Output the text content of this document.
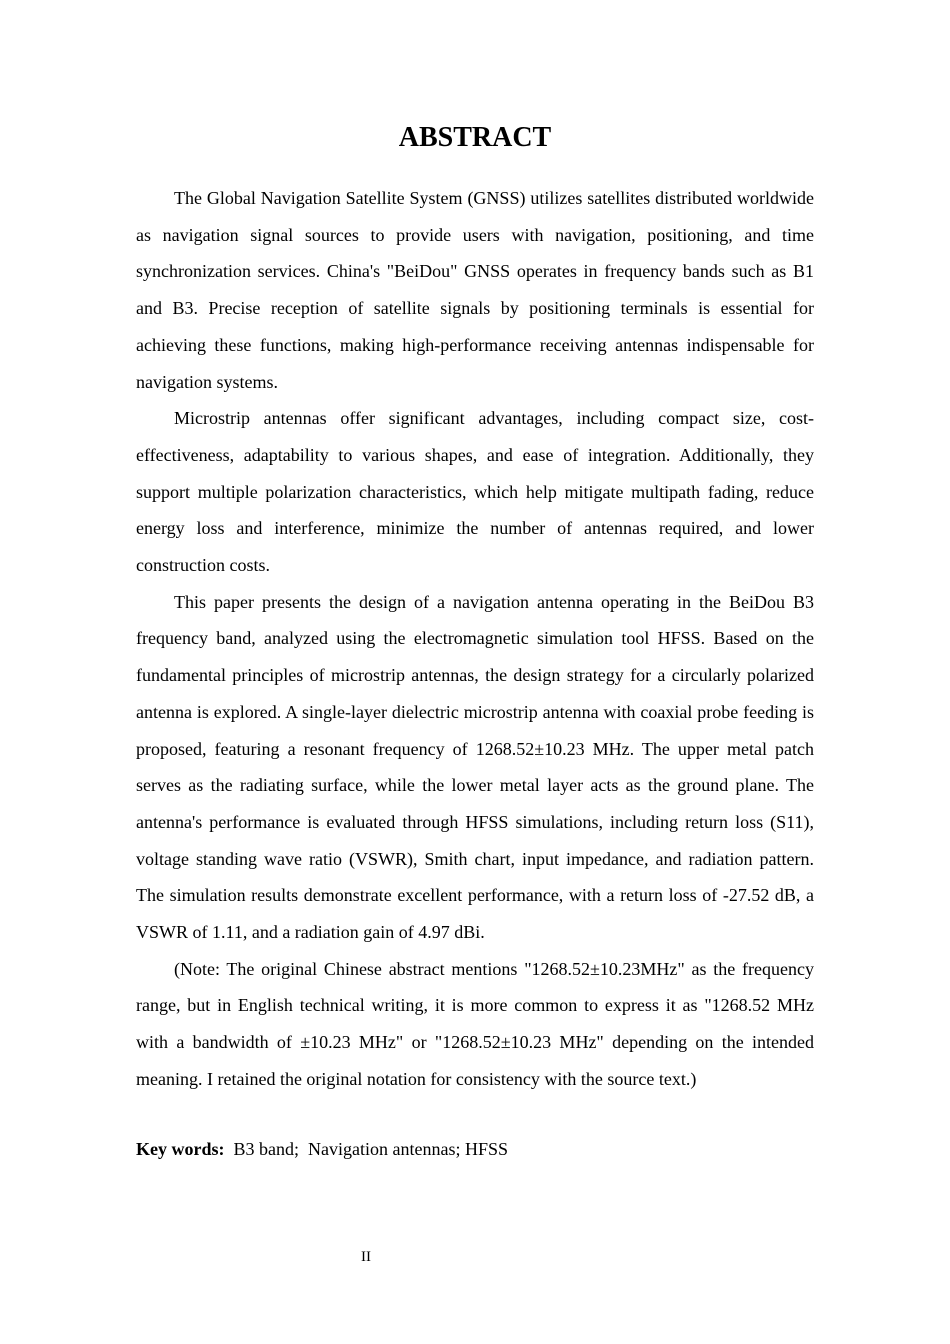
ABSTRACT

The Global Navigation Satellite System (GNSS) utilizes satellites distributed worldwide as navigation signal sources to provide users with navigation, positioning, and time synchronization services. China's "BeiDou" GNSS operates in frequency bands such as B1 and B3. Precise reception of satellite signals by positioning terminals is essential for achieving these functions, making high-performance receiving antennas indispensable for navigation systems.

Microstrip antennas offer significant advantages, including compact size, cost-effectiveness, adaptability to various shapes, and ease of integration. Additionally, they support multiple polarization characteristics, which help mitigate multipath fading, reduce energy loss and interference, minimize the number of antennas required, and lower construction costs.

This paper presents the design of a navigation antenna operating in the BeiDou B3 frequency band, analyzed using the electromagnetic simulation tool HFSS. Based on the fundamental principles of microstrip antennas, the design strategy for a circularly polarized antenna is explored. A single-layer dielectric microstrip antenna with coaxial probe feeding is proposed, featuring a resonant frequency of 1268.52±10.23 MHz. The upper metal patch serves as the radiating surface, while the lower metal layer acts as the ground plane. The antenna's performance is evaluated through HFSS simulations, including return loss (S11), voltage standing wave ratio (VSWR), Smith chart, input impedance, and radiation pattern. The simulation results demonstrate excellent performance, with a return loss of -27.52 dB, a VSWR of 1.11, and a radiation gain of 4.97 dBi.

(Note: The original Chinese abstract mentions "1268.52±10.23MHz" as the frequency range, but in English technical writing, it is more common to express it as "1268.52 MHz with a bandwidth of ±10.23 MHz" or "1268.52±10.23 MHz" depending on the intended meaning. I retained the original notation for consistency with the source text.)

Key words:  B3 band;  Navigation antennas; HFSS

II
